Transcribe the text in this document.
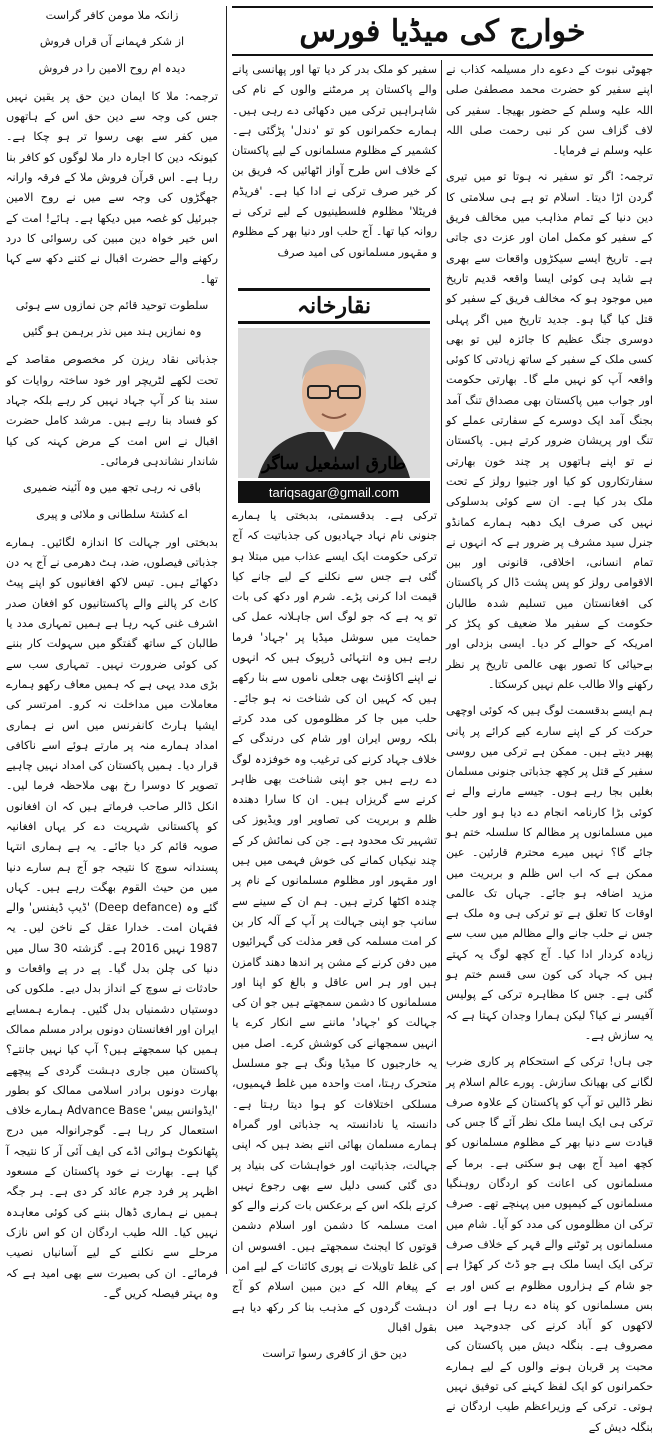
خوارج کی میڈیا فورس

جھوٹی نبوت کے دعوے دار مسیلمہ کذاب نے اپنے سفیر کو حضرت محمد مصطفیٰ صلی اللہ علیہ وسلم کے حضور بھیجا۔ سفیر کی لاف گزاف سن کر نبی رحمت صلی اللہ علیہ وسلم نے فرمایا۔

ترجمہ: اگر تو سفیر نہ ہوتا تو میں تیری گردن اڑا دیتا۔ اسلام تو ہے ہی سلامتی کا دین دنیا کے تمام مذاہب میں مخالف فریق کے سفیر کو مکمل امان اور عزت دی جاتی ہے۔ تاریخ ایسے سیکڑوں واقعات سے بھری ہے شاید ہی کوئی ایسا واقعہ قدیم تاریخ میں موجود ہو کہ مخالف فریق کے سفیر کو قتل کیا گیا ہو۔ جدید تاریخ میں اگر پہلی دوسری جنگ عظیم کا جائزہ لیں تو بھی کسی ملک کے سفیر کے ساتھ زیادتی کا کوئی واقعہ آپ کو نہیں ملے گا۔ بھارتی حکومت اور جواب میں پاکستان بھی مصداق تنگ آمد بجنگ آمد ایک دوسرے کے سفارتی عملے کو تنگ اور پریشان ضرور کرتے ہیں۔ پاکستان نے تو اپنے ہاتھوں پر چند خون بھارتی سفارتکاروں کو کیا اور جنیوا رولز کے تحت ملک بدر کیا ہے۔ ان سے کوئی بدسلوکی نہیں کی صرف ایک دھبہ ہمارے کمانڈو جنرل سید مشرف پر ضرور ہے کہ انہوں نے تمام انسانی، اخلاقی، قانونی اور بین الاقوامی رولز کو پس پشت ڈال کر پاکستان کی افغانستان میں تسلیم شدہ طالبان حکومت کے سفیر ملا ضعیف کو پکڑ کر امریکہ کے حوالے کر دیا۔ ایسی بزدلی اور بےحیائی کا تصور بھی عالمی تاریخ پر نظر رکھنے والا طالب علم نہیں کرسکتا۔

ہم ایسے بدقسمت لوگ ہیں کہ کوئی اوچھی حرکت کر کے اپنے سارے کیے کرائے پر پانی پھیر دیتے ہیں۔ ممکن ہے ترکی میں روسی سفیر کے قتل پر کچھ جذباتی جنونی مسلمان بغلیں بجا رہے ہوں۔ جیسے مارنے والے نے کوئی بڑا کارنامہ انجام دے دیا ہو اور حلب میں مسلمانوں پر مظالم کا سلسلہ ختم ہو جائے گا؟ نہیں میرے محترم قارئین۔ عین ممکن ہے کہ اب اس ظلم و بربریت میں مزید اضافہ ہو جائے۔ جہاں تک عالمی اوقات کا تعلق ہے تو ترکی ہی وہ ملک ہے جس نے حلب جانے والے مظالم میں سب سے زیادہ کردار ادا کیا۔ آج کچھ لوگ یہ کہتے ہیں کہ جہاد کی کون سی قسم ختم ہو گئی ہے۔ جس کا مظاہرہ ترکی کے پولیس آفیسر نے کیا؟ لیکن ہمارا وجدان کہتا ہے کہ یہ سازش ہے۔

جی ہاں! ترکی کے استحکام پر کاری ضرب لگانے کی بھیانک سازش۔ پورے عالم اسلام پر نظر ڈالیں تو آپ کو پاکستان کے علاوہ صرف ترکی ہی ایک ایسا ملک نظر آئے گا جس کی قیادت سے دنیا بھر کے مظلوم مسلمانوں کو کچھ امید آج بھی ہو سکتی ہے۔ برما کے مسلمانوں کی اعانت کو اردگان روہنگیا مسلمانوں کے کیمپوں میں پہنچے تھے۔ صرف ترکی ان مظلوموں کی مدد کو آیا۔ شام میں مسلمانوں پر ٹوٹنے والے قہر کے خلاف صرف ترکی ایک ایسا ملک ہے جو ڈٹ کر کھڑا ہے جو شام کے ہزاروں مظلوم بے کس اور بے بس مسلمانوں کو پناہ دے رہا ہے اور ان لاکھوں کو آباد کرنے کی جدوجہد میں مصروف ہے۔ بنگلہ دیش میں پاکستان کی محبت پر قربان ہونے والوں کے لیے ہمارے حکمرانوں کو ایک لفظ کہنے کی توفیق نہیں ہوتی۔ ترکی کے وزیراعظم طیب اردگان نے بنگلہ دیش کے

سفیر کو ملک بدر کر دیا تھا اور پھانسی پانے والے پاکستان پر مرمٹنے والوں کے نام کی شاہراہیں ترکی میں دکھائی دے رہی ہیں۔ ہمارے حکمرانوں کو تو 'دندل' پڑگئی ہے۔ کشمیر کے مظلوم مسلمانوں کے لیے پاکستان کے خلاف اس طرح آواز اٹھائیں کہ فریق بن کر خیر صرف ترکی نے ادا کیا ہے۔ 'فریڈم فریٹلا' مظلوم فلسطینیوں کے لیے ترکی نے روانہ کیا تھا۔ آج حلب اور دنیا بھر کے مظلوم و مقہور مسلمانوں کی امید صرف

ترکی ہے۔ بدقسمتی، بدبختی یا ہمارے جنونی نام نہاد جہادیوں کی جذباتیت کہ آج ترکی حکومت ایک ایسے عذاب میں مبتلا ہو گئی ہے جس سے نکلنے کے لیے جانے کیا قیمت ادا کرنی پڑے۔ شرم اور دکھ کی بات تو یہ ہے کہ جو لوگ اس جاہلانہ عمل کی حمایت میں سوشل میڈیا پر 'جہاد' فرما رہے ہیں وہ انتہائی ڈرپوک ہیں کہ انہوں نے اپنے اکاؤنٹ بھی جعلی ناموں سے بنا رکھے ہیں کہ کہیں ان کی شناخت نہ ہو جائے۔ حلب میں جا کر مظلوموں کی مدد کرتے بلکہ روس ایران اور شام کی درندگی کے خلاف جہاد کرنے کی ترغیب وہ خوفزدہ لوگ دے رہے ہیں جو اپنی شناخت بھی ظاہر کرنے سے گریزاں ہیں۔ ان کا سارا دھندہ ظلم و بربریت کی تصاویر اور ویڈیوز کی تشہیر تک محدود ہے۔ جن کی نمائش کر کے چند نیکیاں کمانے کی خوش فہمی میں ہیں اور مقہور اور مظلوم مسلمانوں کے نام پر چندہ اکٹھا کرتے ہیں۔ ہم ان کے سینے سے سانپ جو اپنی جہالت پر آپ کے آلہ کار بن کر امت مسلمہ کی قعر مذلت کی گہرائیوں میں دفن کرنے کے مشن پر اندھا دھند گامزن ہیں اور ہر اس عاقل و بالغ کو اپنا اور مسلمانوں کا دشمن سمجھتے ہیں جو ان کی جہالت کو 'جہاد' ماننے سے انکار کرے یا انہیں سمجھانے کی کوشش کرے۔ اصل میں یہ خارجیوں کا میڈیا ونگ ہے جو مسلسل متحرک رہتا، امت واحدہ میں غلط فہمیوں، مسلکی اختلافات کو ہوا دیتا رہتا ہے۔ دانستہ یا نادانستہ یہ جذباتی اور گمراہ ہمارے مسلمان بھائی اتنے بضد ہیں کہ اپنی جہالت، جذباتیت اور خواہشات کی بنیاد پر دی گئی کسی دلیل سے بھی رجوع نہیں کرتے بلکہ اس کے برعکس بات کرنے والے کو امت مسلمہ کا دشمن اور اسلام دشمن قوتوں کا ایجنٹ سمجھتے ہیں۔ افسوس ان کی غلط تاویلات نے پوری کائنات کے لیے امن کے پیغام اللہ کے دین مبین اسلام کو آج دہشت گردوں کے مذہب بنا کر رکھ دیا ہے بقول اقبال

دین حق از کافری رسوا تراست

نقارخانہ
طارق اسمٰعیل ساگر
tariqsagar@gmail.com

زانکہ ملا مومن کافر گراست

از شکر فہمانے آں قراں فروش

دیدہ ام روح الامین را در فروش

ترجمہ: ملا کا ایمان دین حق پر یقین نہیں جس کی وجہ سے دین حق اس کے ہاتھوں میں کفر سے بھی رسوا تر ہو چکا ہے۔ کیونکہ دین کا اجارہ دار ملا لوگوں کو کافر بنا رہا ہے۔ اس قرآن فروش ملا کے فرقہ وارانہ جھگڑوں کی وجہ سے میں نے روح الامین جبرئیل کو غصہ میں دیکھا ہے۔ ہائے! امت کے اس خیر خواہ دین مبین کی رسوائی کا درد رکھنے والے حضرت اقبال نے کتنے دکھ سے کہا تھا۔

سلطوت توحید قائم جن نمازوں سے ہوئی

وہ نمازیں ہند میں نذر برہمن ہو گئیں

جذباتی نقاد ریزن کر مخصوص مقاصد کے تحت لکھے لٹریچر اور خود ساختہ روایات کو سند بنا کر آپ جہاد نہیں کر رہے بلکہ جہاد کو فساد بنا رہے ہیں۔ مرشد کامل حضرت اقبال نے اس امت کے مرض کہنہ کی کیا شاندار نشاندہی فرمائی۔

باقی نہ رہی تجھ میں وہ آئینہ ضمیری

اے کشتۂ سلطانی و ملائی و پیری

بدبختی اور جہالت کا اندازہ لگائیں۔ ہمارے جذباتی فیصلوں، ضد، ہٹ دھرمی نے آج یہ دن دکھائے ہیں۔ تیس لاکھ افغانیوں کو اپنے پیٹ کاٹ کر پالنے والے پاکستانیوں کو افغان صدر اشرف غنی کہہ رہا ہے ہمیں تمہاری مدد یا طالبان کے ساتھ گفتگو میں سہولت کار بننے کی کوئی ضرورت نہیں۔ تمہاری سب سے بڑی مدد یہی ہے کہ ہمیں معاف رکھو ہمارے معاملات میں مداخلت نہ کرو۔ امرتسر کی ایشیا ہارٹ کانفرنس میں اس نے ہماری امداد ہمارے منہ پر مارتے ہوئے اسے ناکافی قرار دیا۔ ہمیں پاکستان کی امداد نہیں چاہیے تصویر کا دوسرا رخ بھی ملاحظہ فرما لیں۔ انکل ڈالر صاحب فرماتے ہیں کہ ان افغانوں کو پاکستانی شہریت دے کر یہاں افغانیہ صوبہ قائم کر دیا جائے۔ یہ ہے ہماری انتہا پسندانہ سوچ کا نتیجہ جو آج ہم سارے دنیا میں من حیث القوم بھگت رہے ہیں۔ کہاں گئے وہ (Deep defance) 'ڈیپ ڈیفنس' والے فقہان امت۔ خدارا عقل کے ناخن لیں۔ یہ 1987 نہیں 2016 ہے۔ گزشتہ 30 سال میں دنیا کی چلن بدل گیا۔ پے در پے واقعات و حادثات نے سوچ کے انداز بدل دیے۔ ملکوں کی دوستیاں دشمنیاں بدل گئیں۔ ہمارے ہمسایے ایران اور افغانستان دونوں برادر مسلم ممالک ہمیں کیا سمجھتے ہیں؟ آپ کیا نہیں جانتے؟ پاکستان میں جاری دہشت گردی کے پیچھے بھارت دونوں برادر اسلامی ممالک کو بطور 'ایڈوانس بیس' Advance Base ہمارے خلاف استعمال کر رہا ہے۔ گوجرانوالہ میں درج پٹھانکوٹ ہوائی اڈے کی ایف آئی آر کا نتیجہ آ گیا ہے۔ بھارت نے خود پاکستان کے مسعود اظہر پر فرد جرم عائد کر دی ہے۔ ہر جگہ ہمیں نے ہماری ڈھال بننے کی کوئی معاہدہ نہیں کیا۔ اللہ طیب اردگان ان کو اس نازک مرحلے سے نکلنے کے لیے آسانیاں نصیب فرمائے۔ ان کی بصیرت سے بھی امید ہے کہ وہ بہتر فیصلہ کریں گے۔
